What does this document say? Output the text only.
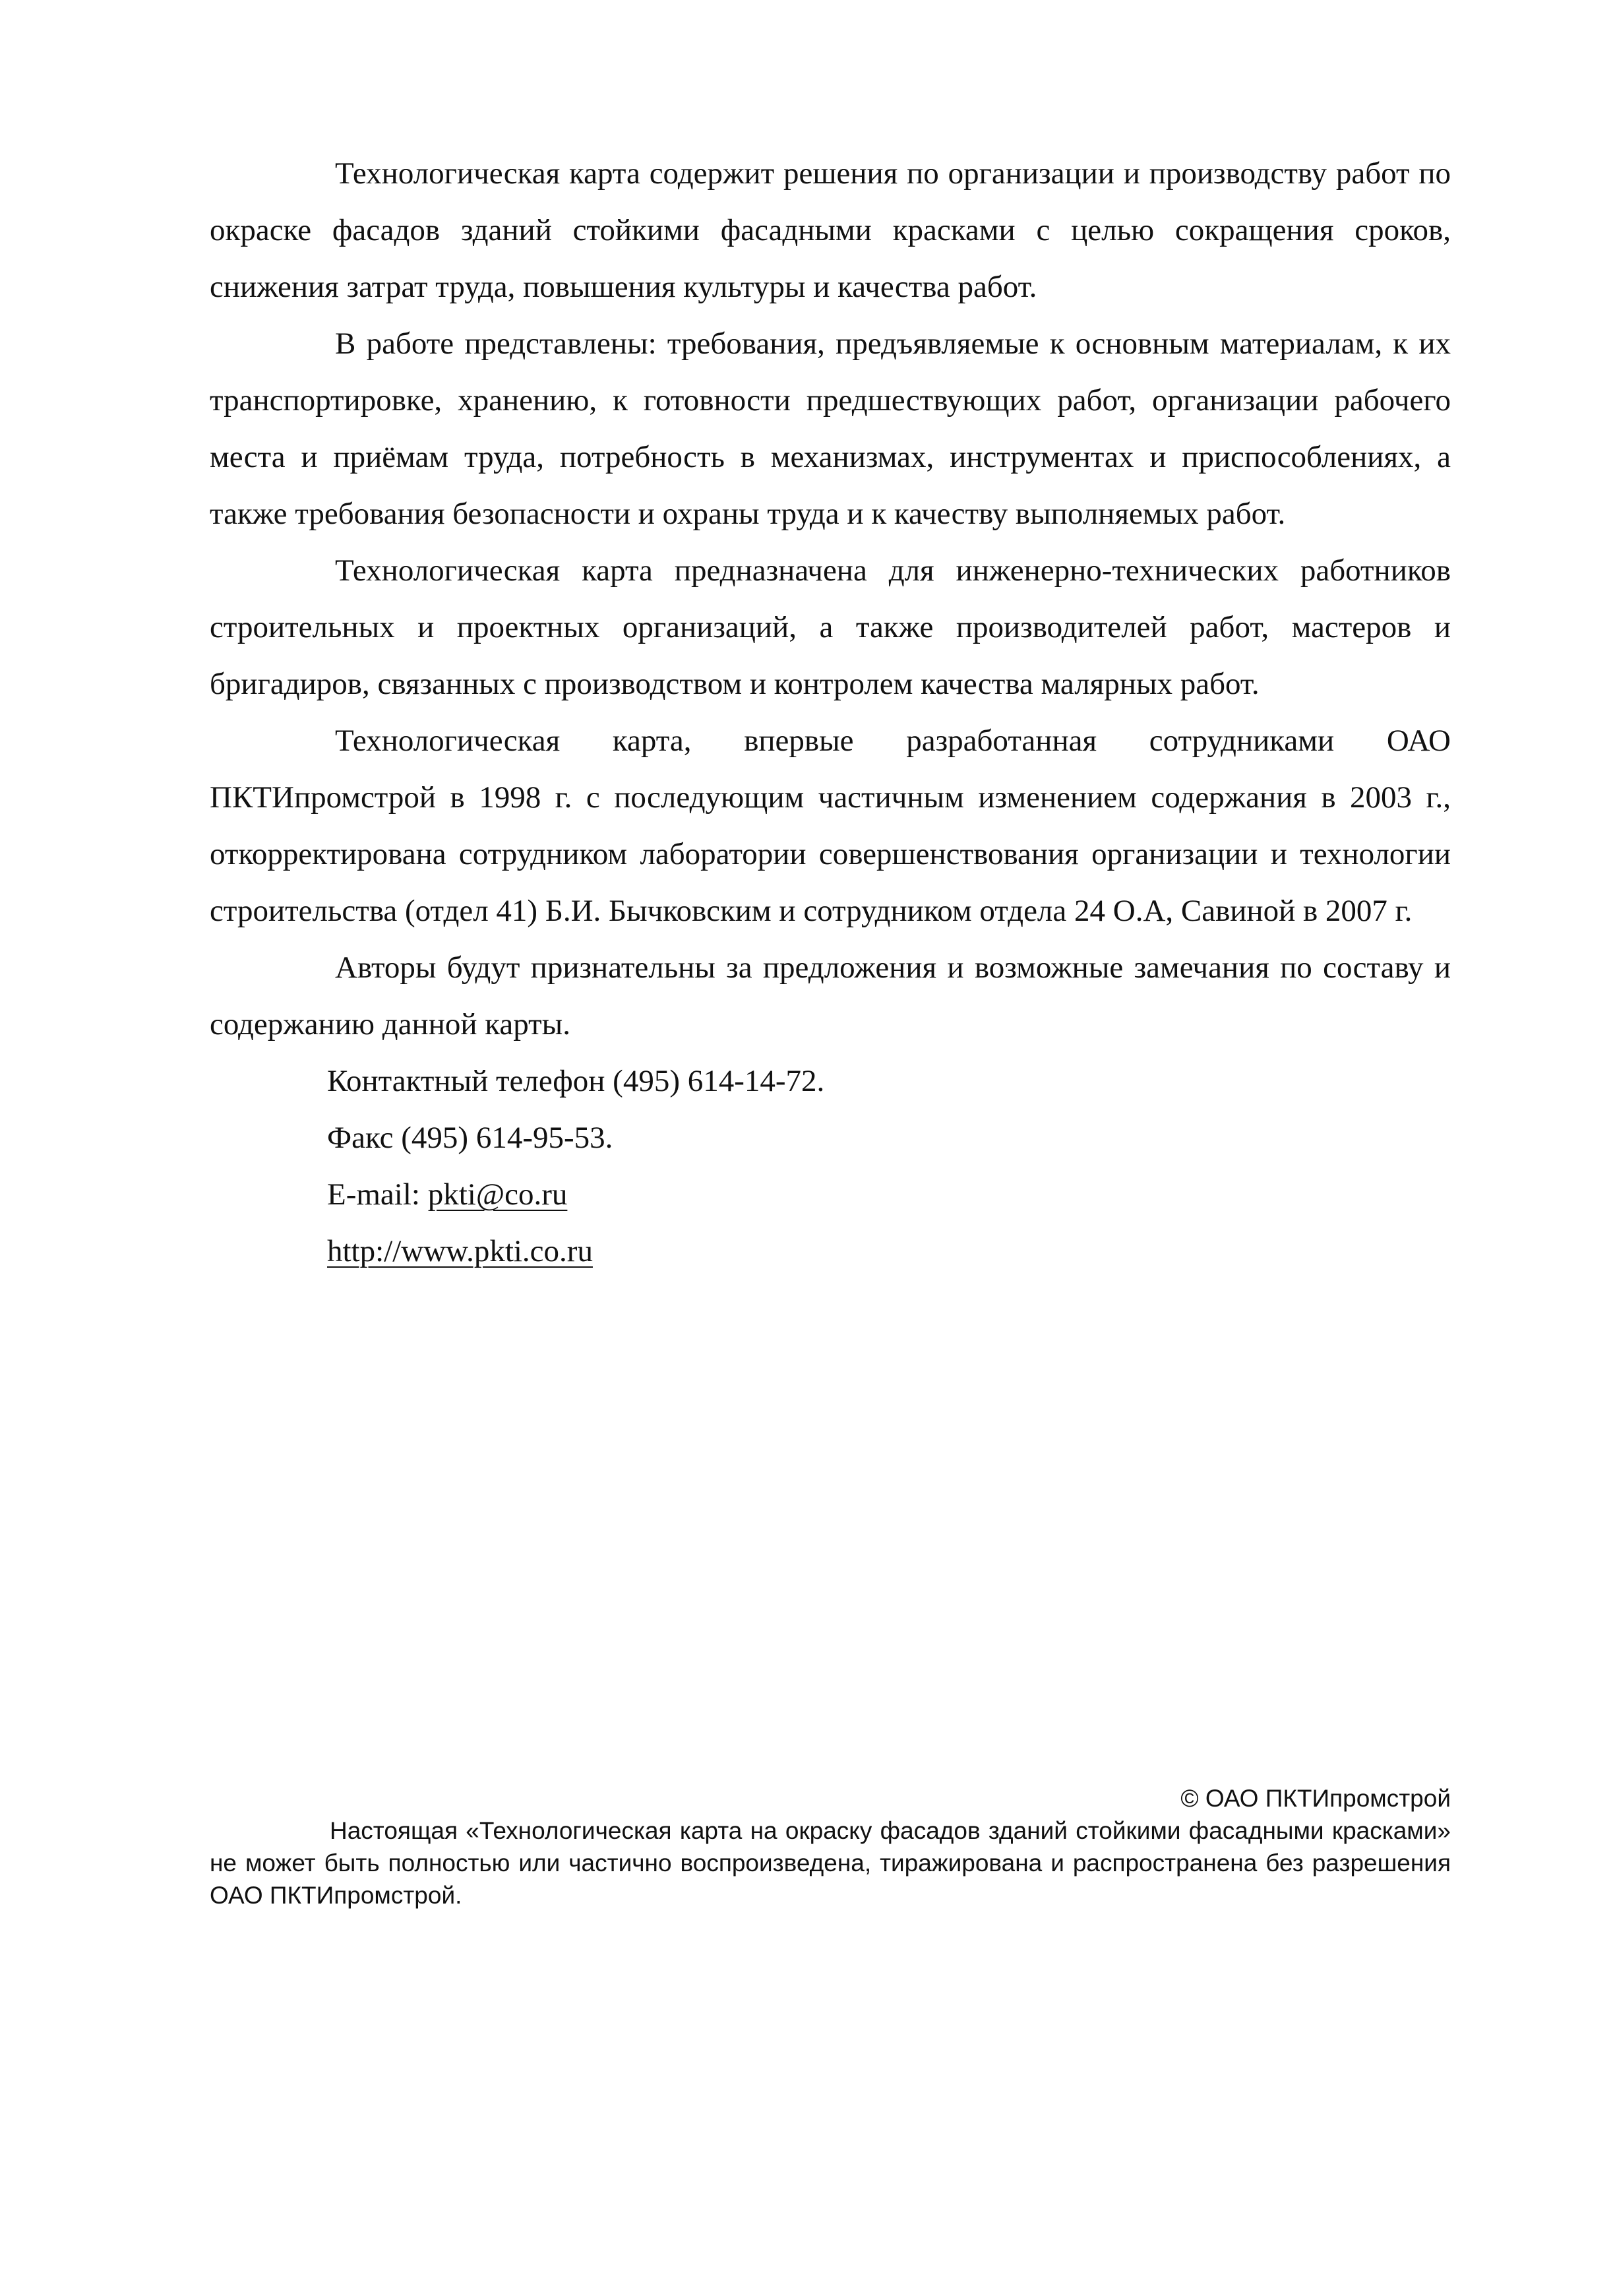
Технологическая карта содержит решения по организации и производству работ по окраске фасадов зданий стойкими фасадными красками с целью сокращения сроков, снижения затрат труда, повышения культуры и качества работ.

В работе представлены: требования, предъявляемые к основным материалам, к их транспортировке, хранению, к готовности предшествующих работ, организации рабочего места и приёмам труда, потребность в механизмах, инструментах и приспособлениях, а также требования безопасности и охраны труда и к качеству выполняемых работ.

Технологическая карта предназначена для инженерно-технических работников строительных и проектных организаций, а также производителей работ, мастеров и бригадиров, связанных с производством и контролем качества малярных работ.

Технологическая карта, впервые разработанная сотрудниками ОАО ПКТИпромстрой в 1998 г. с последующим частичным изменением содержания в 2003 г., откорректирована сотрудником лаборатории совершенствования организации и технологии строительства (отдел 41) Б.И. Бычковским и сотрудником отдела 24 О.А, Савиной в 2007 г.

Авторы будут признательны за предложения и возможные замечания по составу и содержанию данной карты.

Контактный телефон (495) 614-14-72.

Факс (495) 614-95-53.

E-mail: pkti@co.ru

http://www.pkti.co.ru

© ОАО ПКТИпромстрой

Настоящая «Технологическая карта на окраску фасадов зданий стойкими фасадными красками» не может быть полностью или частично воспроизведена, тиражирована и распространена без разрешения ОАО ПКТИпромстрой.
